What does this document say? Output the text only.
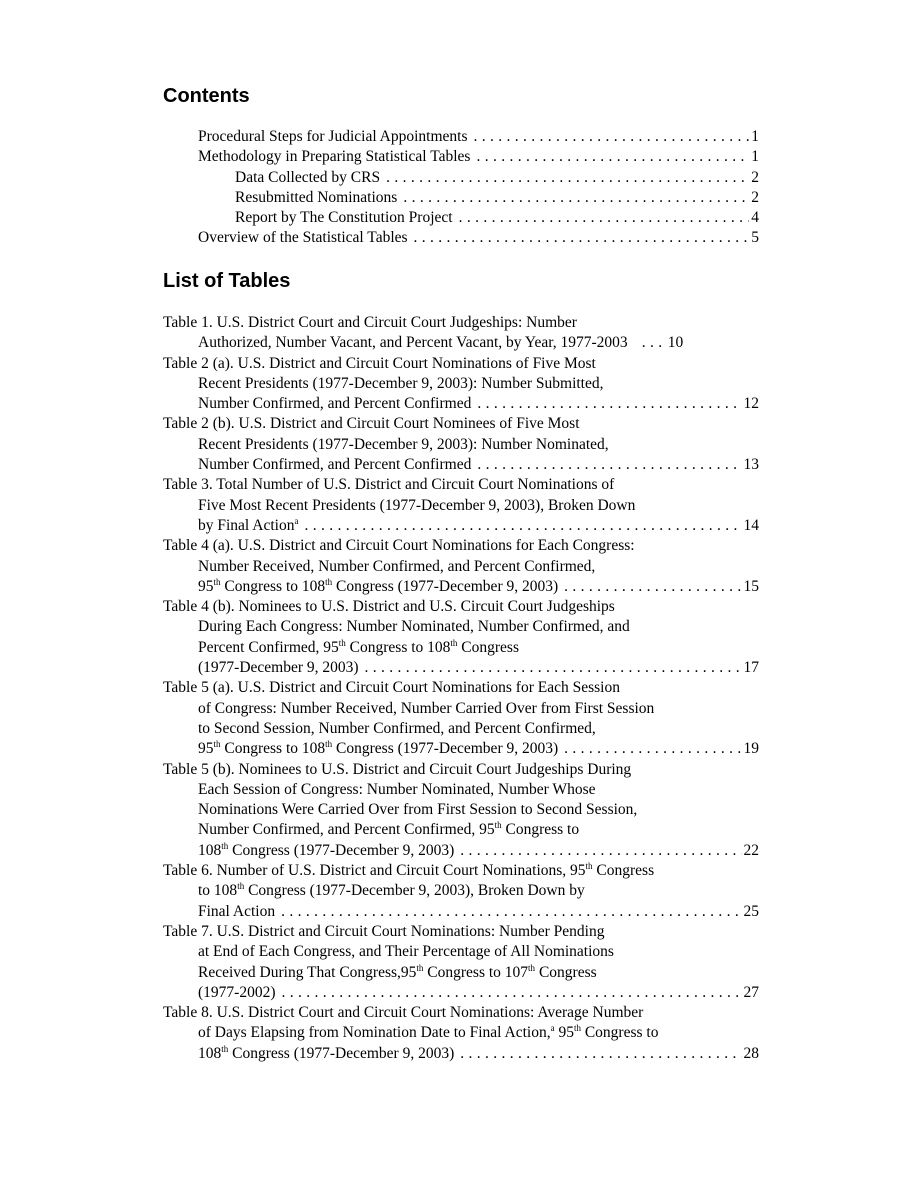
Contents
Procedural Steps for Judicial Appointments . . .	1
Methodology in Preparing Statistical Tables . . .	1
Data Collected by CRS . . .	2
Resubmitted Nominations . . .	2
Report by The Constitution Project . . .	4
Overview of the Statistical Tables . . .	5
List of Tables
Table 1. U.S. District Court and Circuit Court Judgeships: Number
Authorized, Number Vacant, and Percent Vacant, by Year, 1977-2003 . . .	10
Table 2 (a). U.S. District and Circuit Court Nominations of Five Most
Recent Presidents (1977-December 9, 2003): Number Submitted,
Number Confirmed, and Percent Confirmed . . .	12
Table 2 (b). U.S. District and Circuit Court Nominees of Five Most
Recent Presidents (1977-December 9, 2003): Number Nominated,
Number Confirmed, and Percent Confirmed . . .	13
Table 3. Total Number of U.S. District and Circuit Court Nominations of
Five Most Recent Presidents (1977-December 9, 2003), Broken Down
by Final Action$^a$ . . .	14
Table 4 (a). U.S. District and Circuit Court Nominations for Each Congress:
Number Received, Number Confirmed, and Percent Confirmed,
95th Congress to 108th Congress (1977-December 9, 2003) . . .	15
Table 4 (b). Nominees to U.S. District and U.S. Circuit Court Judgeships
During Each Congress: Number Nominated, Number Confirmed, and
Percent Confirmed, 95th Congress to 108th Congress
(1977-December 9, 2003) . . .	17
Table 5 (a). U.S. District and Circuit Court Nominations for Each Session
of Congress: Number Received, Number Carried Over from First Session
to Second Session, Number Confirmed, and Percent Confirmed,
95th Congress to 108th Congress (1977-December 9, 2003) . . .	19
Table 5 (b). Nominees to U.S. District and Circuit Court Judgeships During
Each Session of Congress: Number Nominated, Number Whose
Nominations Were Carried Over from First Session to Second Session,
Number Confirmed, and Percent Confirmed, 95th Congress to
108th Congress (1977-December 9, 2003) . . .	22
Table 6. Number of U.S. District and Circuit Court Nominations, 95th Congress
to 108th Congress (1977-December 9, 2003), Broken Down by
Final Action . . .	25
Table 7. U.S. District and Circuit Court Nominations: Number Pending
at End of Each Congress, and Their Percentage of All Nominations
Received During That Congress,95th Congress to 107th Congress
(1977-2002) . . .	27
Table 8. U.S. District Court and Circuit Court Nominations: Average Number
of Days Elapsing from Nomination Date to Final Action,$^a$ 95th Congress to
108th Congress (1977-December 9, 2003) . . .	28
